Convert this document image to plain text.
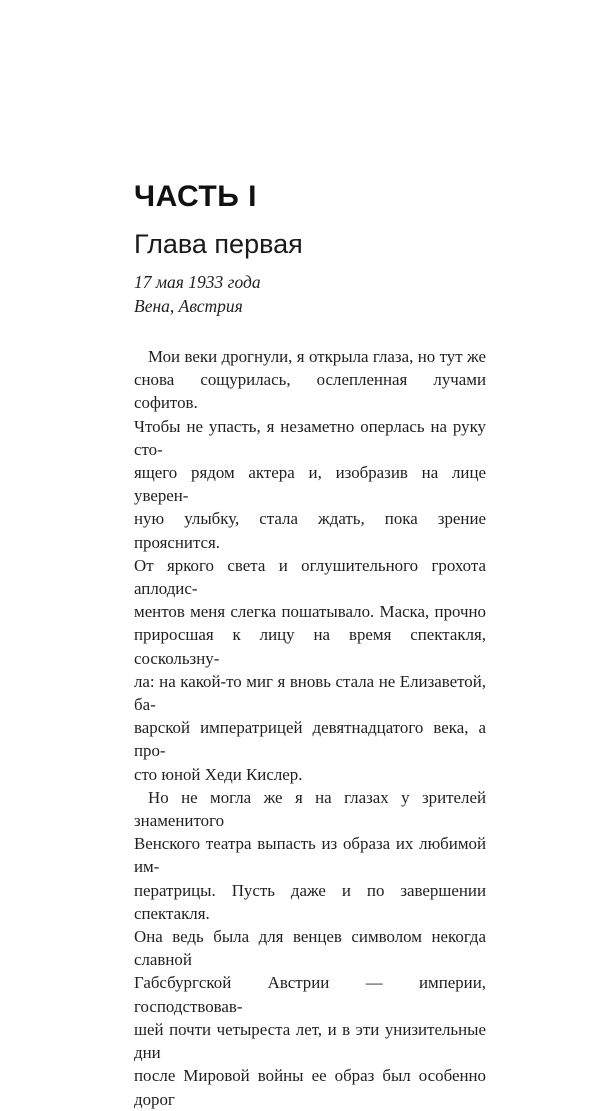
ЧАСТЬ I
Глава первая
17 мая 1933 года
Вена, Австрия

Мои веки дрогнули, я открыла глаза, но тут же
снова сощурилась, ослепленная лучами софитов.
Чтобы не упасть, я незаметно оперлась на руку сто-
ящего рядом актера и, изобразив на лице уверен-
ную улыбку, стала ждать, пока зрение прояснится.
От яркого света и оглушительного грохота аплодис-
ментов меня слегка пошатывало. Маска, прочно
приросшая к лицу на время спектакля, соскользну-
ла: на какой-то миг я вновь стала не Елизаветой, ба-
варской императрицей девятнадцатого века, а про-
сто юной Хеди Кислер.

Но не могла же я на глазах у зрителей знаменитого
Венского театра выпасть из образа их любимой им-
ператрицы. Пусть даже и по завершении спектакля.
Она ведь была для венцев символом некогда славной
Габсбургской Австрии — империи, господствовав-
шей почти четыреста лет, и в эти унизительные дни
после Мировой войны ее образ был особенно дорог
